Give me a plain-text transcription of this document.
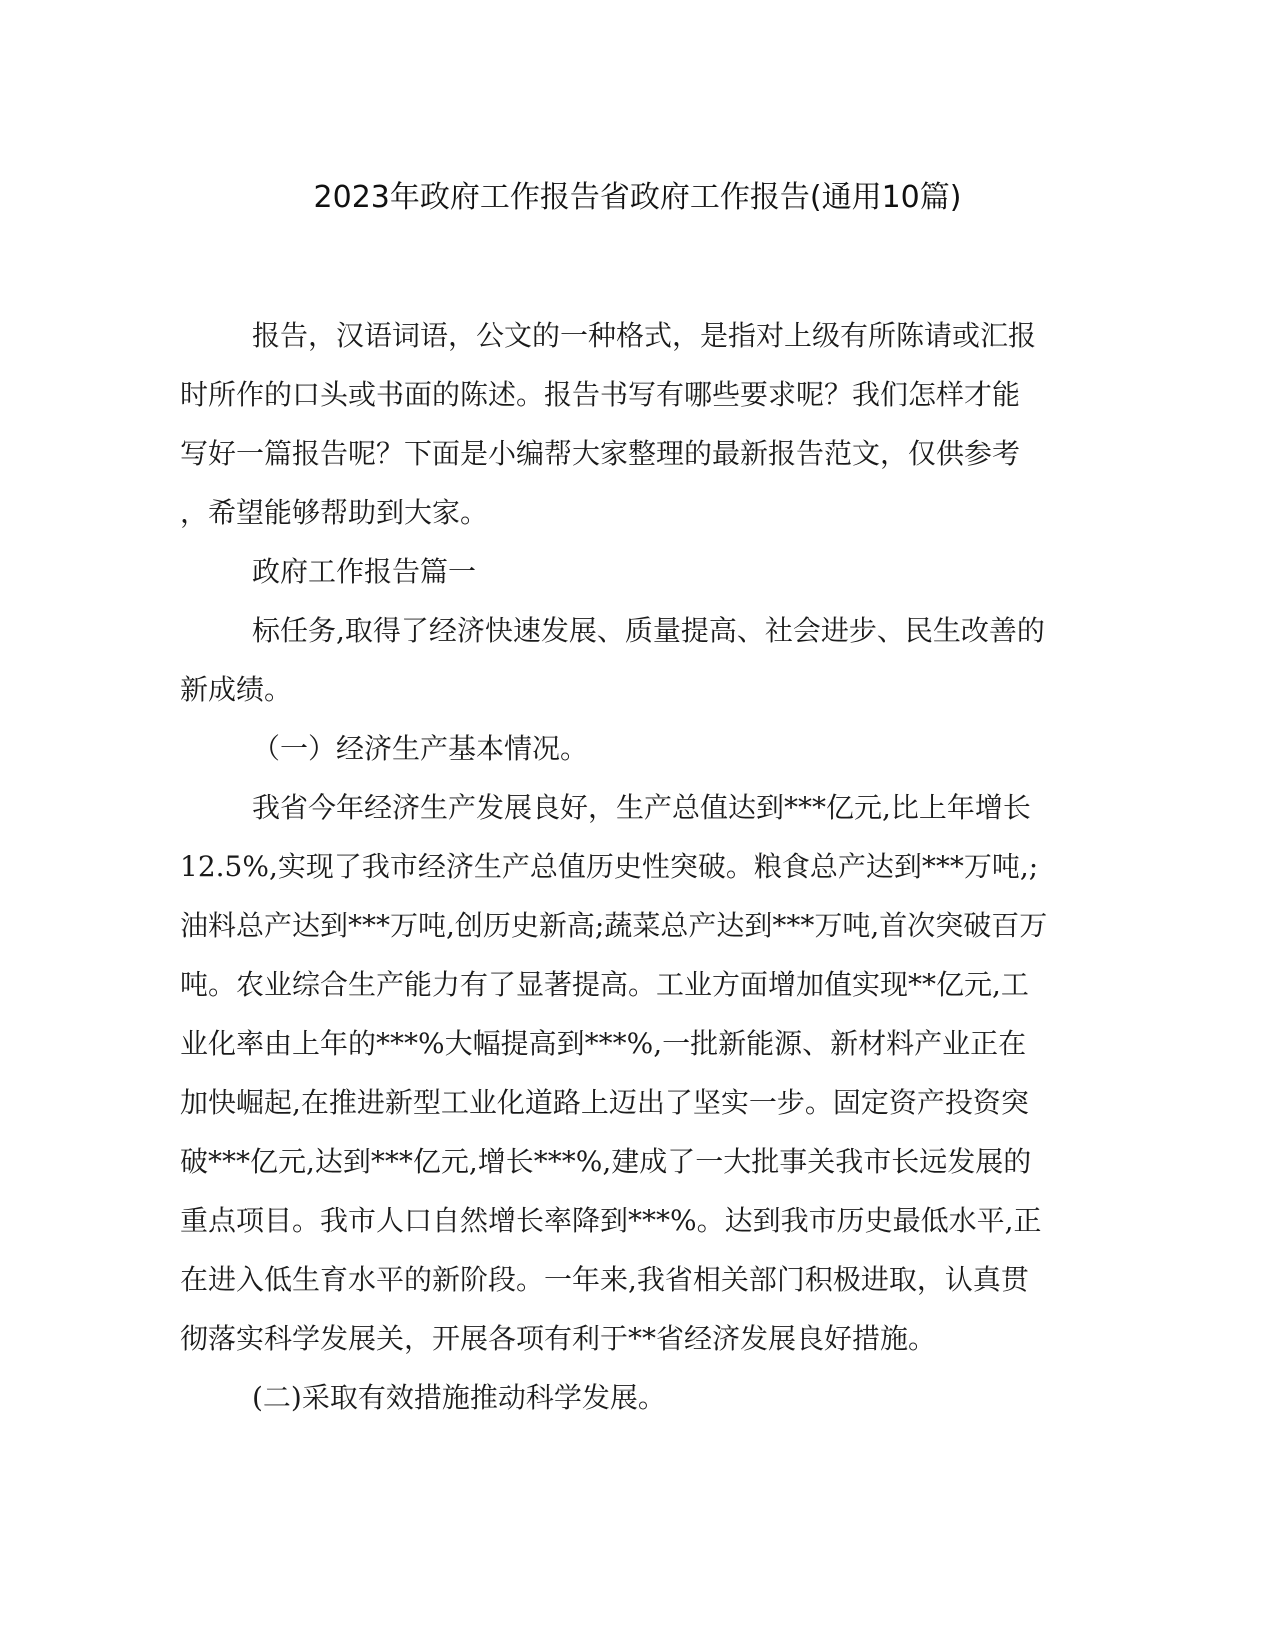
2023年政府工作报告省政府工作报告(通用10篇)
报告，汉语词语，公文的一种格式，是指对上级有所陈请或汇报
时所作的口头或书面的陈述。报告书写有哪些要求呢？我们怎样才能
写好一篇报告呢？下面是小编帮大家整理的最新报告范文，仅供参考
，希望能够帮助到大家。
政府工作报告篇一
标任务,取得了经济快速发展、质量提高、社会进步、民生改善的
新成绩。
（一）经济生产基本情况。
我省今年经济生产发展良好，生产总值达到***亿元,比上年增长
12.5%,实现了我市经济生产总值历史性突破。粮食总产达到***万吨,;
油料总产达到***万吨,创历史新高;蔬菜总产达到***万吨,首次突破百万
吨。农业综合生产能力有了显著提高。工业方面增加值实现**亿元,工
业化率由上年的***%大幅提高到***%,一批新能源、新材料产业正在
加快崛起,在推进新型工业化道路上迈出了坚实一步。固定资产投资突
破***亿元,达到***亿元,增长***%,建成了一大批事关我市长远发展的
重点项目。我市人口自然增长率降到***%。达到我市历史最低水平,正
在进入低生育水平的新阶段。一年来,我省相关部门积极进取，认真贯
彻落实科学发展关，开展各项有利于**省经济发展良好措施。
(二)采取有效措施推动科学发展。
